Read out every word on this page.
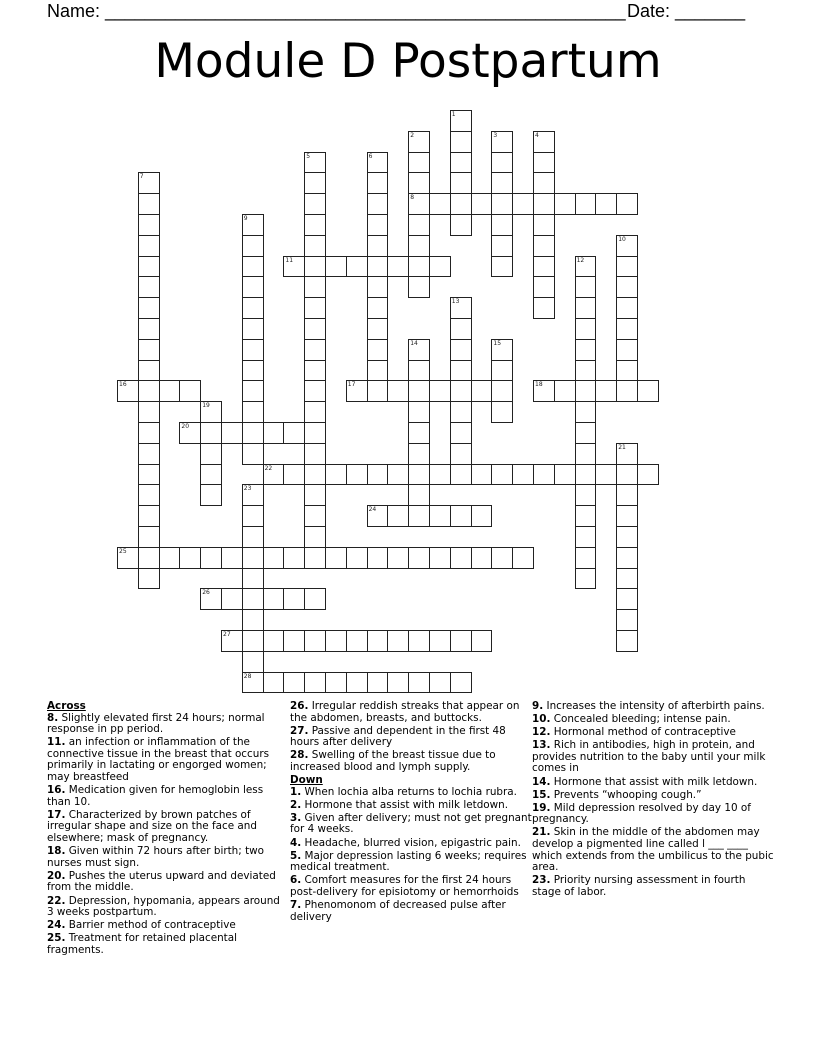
Name: ____________________________________________________ Date: _______
Module D Postpartum
1
2
8
3	4
5	6
7
9
10
11	12
13
14	15
16	17	18
19
20
21
22
23
28
24
25
26
27
Across
8. Slightly elevated first 24 hours; normal response in pp period.
11. an infection or inflammation of the connective tissue in the breast that occurs primarily in lactating or engorged women; may breastfeed
16. Medication given for hemoglobin less than 10.
17. Characterized by brown patches of irregular shape and size on the face and elsewhere; mask of pregnancy.
18. Given within 72 hours after birth; two nurses must sign.
20. Pushes the uterus upward and deviated from the middle.
22. Depression, hypomania, appears around 3 weeks postpartum.
24. Barrier method of contraceptive
25. Treatment for retained placental fragments.
26. Irregular reddish streaks that appear on the abdomen, breasts, and buttocks.
27. Passive and dependent in the first 48 hours after delivery
28. Swelling of the breast tissue due to increased blood and lymph supply.
Down
1. When lochia alba returns to lochia rubra.
2. Hormone that assist with milk letdown.
3. Given after delivery; must not get pregnant for 4 weeks.
4. Headache, blurred vision, epigastric pain.
5. Major depression lasting 6 weeks; requires medical treatment.
6. Comfort measures for the first 24 hours post-delivery for episiotomy or hemorrhoids
7. Phenomonom of decreased pulse after delivery
9. Increases the intensity of afterbirth pains.
10. Concealed bleeding; intense pain.
12. Hormonal method of contraceptive
13. Rich in antibodies, high in protein, and provides nutrition to the baby until your milk comes in
14. Hormone that assist with milk letdown.
15. Prevents “whooping cough.”
19. Mild depression resolved by day 10 of pregnancy.
21. Skin in the middle of the abdomen may develop a pigmented line called l ___ ____ which extends from the umbilicus to the pubic area.
23. Priority nursing assessment in fourth stage of labor.
